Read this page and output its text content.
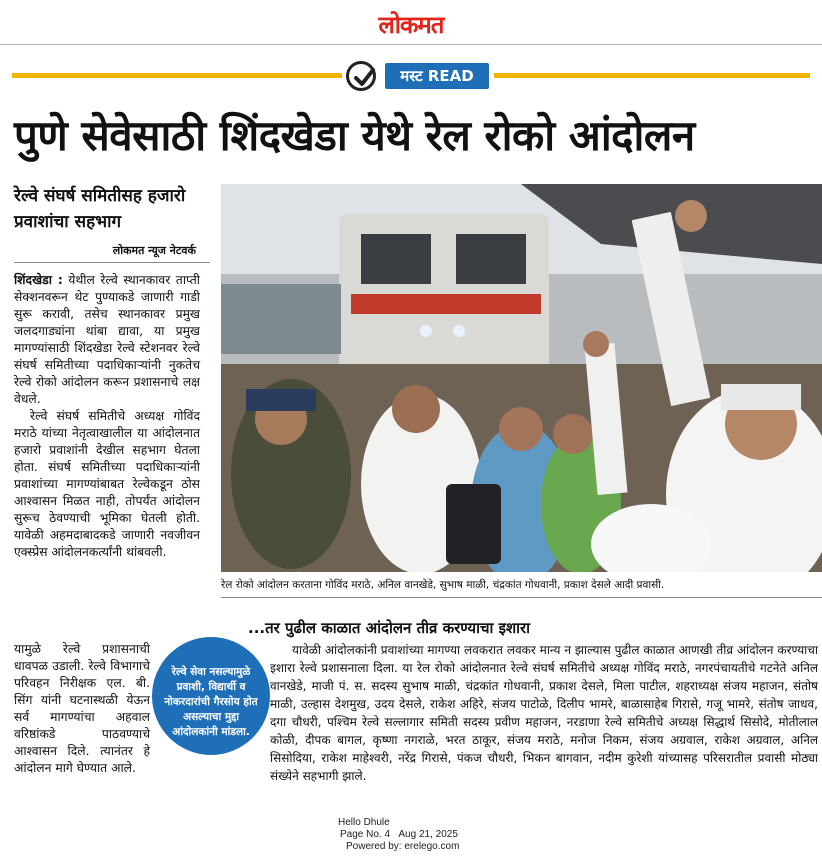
लोकमत
मस्ट READ
पुणे सेवेसाठी शिंदखेडा येथे रेल रोको आंदोलन
रेल्वे संघर्ष समितीसह हजारो प्रवाशांचा सहभाग
लोकमत न्यूज नेटवर्क

शिंदखेडा : येथील रेल्वे स्थानकावर ताप्ती सेक्शनवरून थेट पुण्याकडे जाणारी गाडी सुरू करावी, तसेच स्थानकावर प्रमुख जलदगाड्यांना थांबा द्यावा, या प्रमुख मागण्यांसाठी शिंदखेडा रेल्वे स्टेशनवर रेल्वे संघर्ष समितीच्या पदाधिकाऱ्यांनी नुकतेच रेल्वे रोको आंदोलन करून प्रशासनाचे लक्ष वेधले.

रेल्वे संघर्ष समितीचे अध्यक्ष गोविंद मराठे यांच्या नेतृत्वाखालील या आंदोलनात हजारो प्रवाशांनी देखील सहभाग घेतला होता. संघर्ष समितीच्या पदाधिकाऱ्यांनी प्रवाशांच्या मागण्यांबाबत रेल्वेकडून ठोस आश्वासन मिळत नाही, तोपर्यंत आंदोलन सुरूच ठेवण्याची भूमिका घेतली होती. यावेळी अहमदाबादकडे जाणारी नवजीवन एक्स्प्रेस आंदोलनकर्त्यांनी थांबवली.

यामुळे रेल्वे प्रशासनाची धावपळ उडाली. रेल्वे विभागाचे परिवहन निरीक्षक एल. बी. सिंग यांनी घटनास्थळी येऊन सर्व मागण्यांचा अहवाल वरिष्ठांकडे पाठवण्याचे आश्वासन दिले. त्यानंतर हे आंदोलन मागे घेण्यात आले.
रेल रोको आंदोलन करताना गोविंद मराठे, अनिल वानखेडे, सुभाष माळी, चंद्रकांत गोधवानी, प्रकाश देसले आदी प्रवासी.
...तर पुढील काळात आंदोलन तीव्र करण्याचा इशारा

यावेळी आंदोलकांनी प्रवाशांच्या मागण्या लवकरात लवकर मान्य न झाल्यास पुढील काळात आणखी तीव्र आंदोलन करण्याचा इशारा रेल्वे प्रशासनाला दिला. या रेल रोको आंदोलनात रेल्वे संघर्ष समितीचे अध्यक्ष गोविंद मराठे, नगरपंचायतीचे गटनेते अनिल वानखेडे, माजी पं. स. सदस्य सुभाष माळी, चंद्रकांत गोधवानी, प्रकाश देसले, मिला पाटील, शहराध्यक्ष संजय महाजन, संतोष माळी, उल्हास देशमुख, उदय देसले, राकेश अहिरे, संजय पाटोळे, दिलीप भामरे, बाळासाहेब गिरासे, गजू भामरे, संतोष जाधव, दगा चौधरी, पश्चिम रेल्वे सल्लागार समिती सदस्य प्रवीण महाजन, नरडाणा रेल्वे समितीचे अध्यक्ष सिद्धार्थ सिसोदे, मोतीलाल कोळी, दीपक बागल, कृष्णा नगराळे, भरत ठाकूर, संजय मराठे, मनोज निकम, संजय अग्रवाल, राकेश अग्रवाल, अनिल सिसोदिया, राकेश माहेश्वरी, नरेंद्र गिरासे, पंकज चौधरी, भिकन बागवान, नदीम कुरेशी यांच्यासह परिसरातील प्रवासी मोठ्या संख्येने सहभागी झाले.

रेल्वे सेवा नसल्यामुळे प्रवाशी, विद्यार्थी व नोकरदारांची गैरसोय होत असल्याचा मुद्दा आंदोलकांनी मांडला.
Hello Dhule
Page No. 4 Aug 21, 2025
Powered by: erelego.com
